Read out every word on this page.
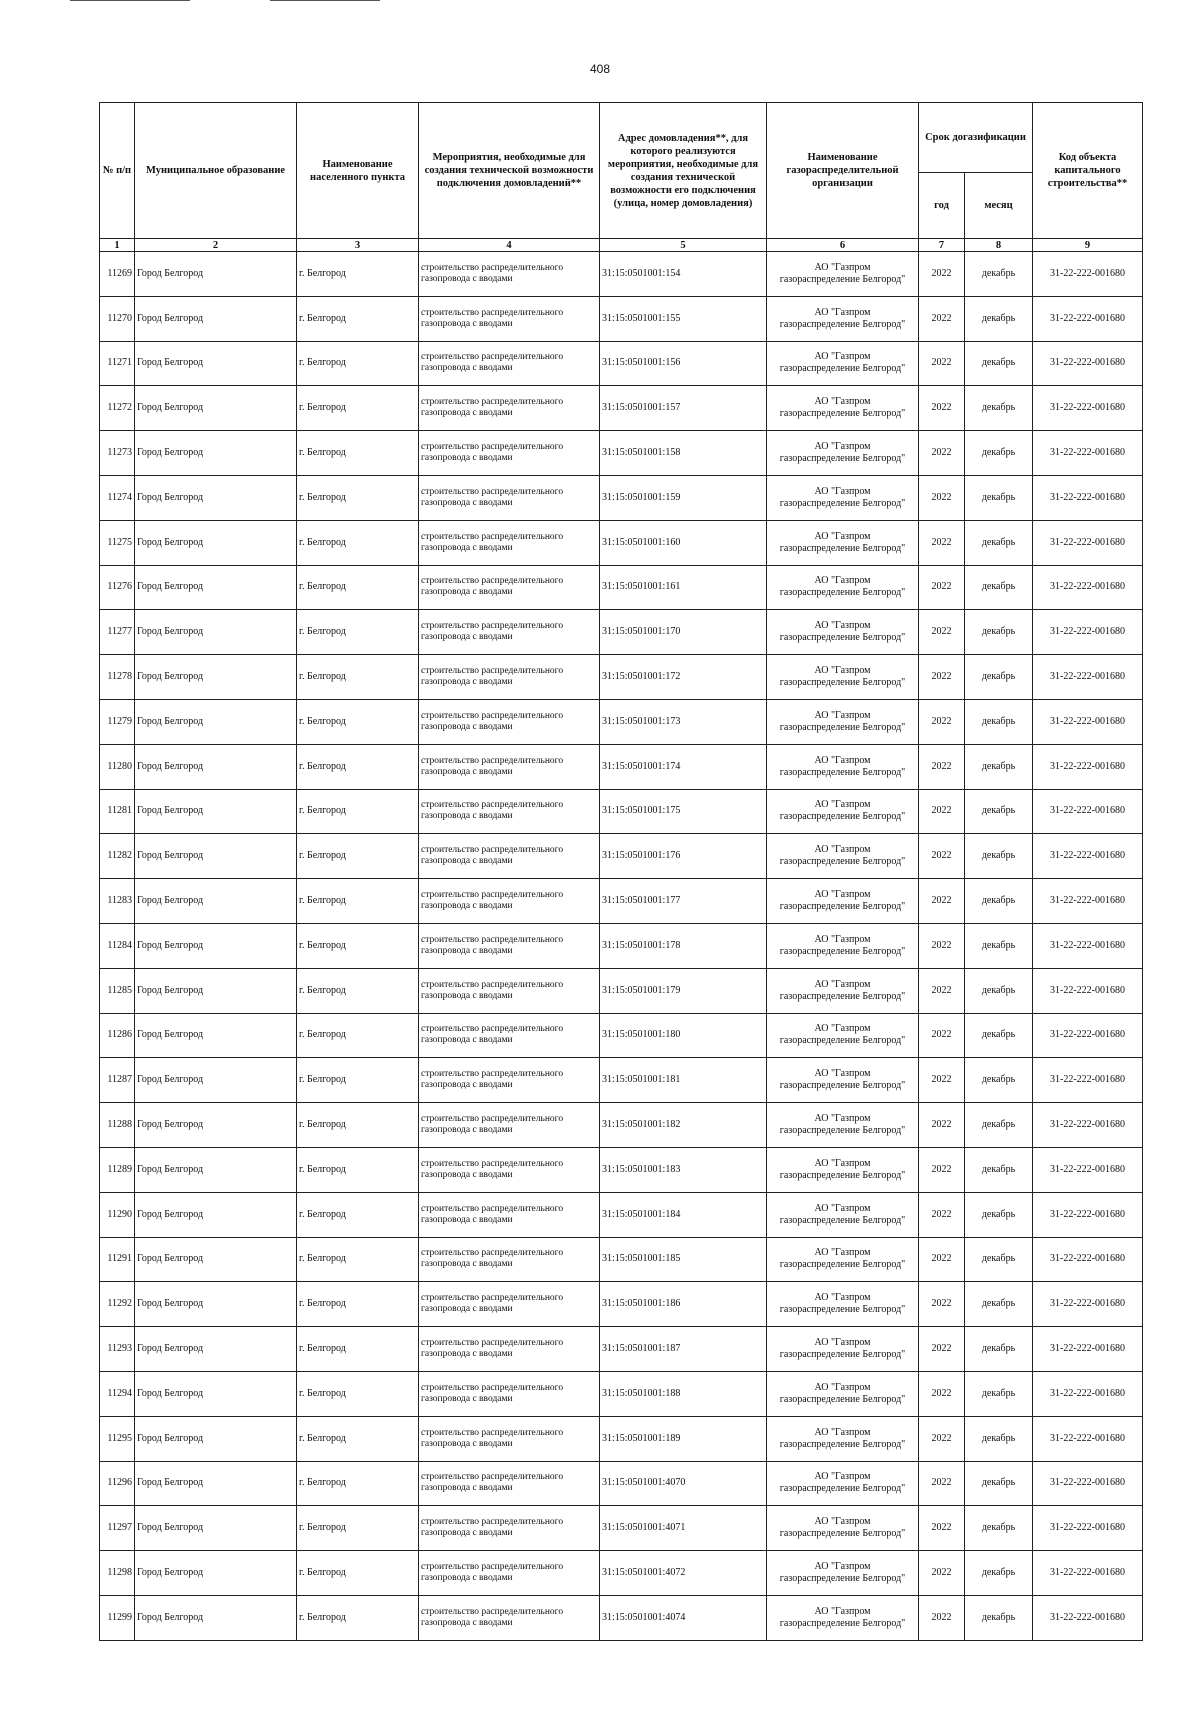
408
№ п/п	Муниципальное образование	Наименование населенного пункта	Мероприятия, необходимые для создания технической возможности подключения домовладений**	Адрес домовладения**, для которого реализуются мероприятия, необходимые для создания технической возможности его подключения (улица, номер домовладения)	Наименование газораспределительной организации	Срок догазификации		Код объекта капитального строительства**
						год	месяц	
1	2	3	4	5	6	7	8	9
11269	Город Белгород	г. Белгород	строительство распределительного газопровода с вводами	31:15:0501001:154	АО "Газпром
газораспределение Белгород"	2022	декабрь	31-22-222-001680
11270	Город Белгород	г. Белгород	строительство распределительного газопровода с вводами	31:15:0501001:155	АО "Газпром
газораспределение Белгород"	2022	декабрь	31-22-222-001680
11271	Город Белгород	г. Белгород	строительство распределительного газопровода с вводами	31:15:0501001:156	АО "Газпром
газораспределение Белгород"	2022	декабрь	31-22-222-001680
11272	Город Белгород	г. Белгород	строительство распределительного газопровода с вводами	31:15:0501001:157	АО "Газпром
газораспределение Белгород"	2022	декабрь	31-22-222-001680
11273	Город Белгород	г. Белгород	строительство распределительного газопровода с вводами	31:15:0501001:158	АО "Газпром
газораспределение Белгород"	2022	декабрь	31-22-222-001680
11274	Город Белгород	г. Белгород	строительство распределительного газопровода с вводами	31:15:0501001:159	АО "Газпром
газораспределение Белгород"	2022	декабрь	31-22-222-001680
11275	Город Белгород	г. Белгород	строительство распределительного газопровода с вводами	31:15:0501001:160	АО "Газпром
газораспределение Белгород"	2022	декабрь	31-22-222-001680
11276	Город Белгород	г. Белгород	строительство распределительного газопровода с вводами	31:15:0501001:161	АО "Газпром
газораспределение Белгород"	2022	декабрь	31-22-222-001680
11277	Город Белгород	г. Белгород	строительство распределительного газопровода с вводами	31:15:0501001:170	АО "Газпром
газораспределение Белгород"	2022	декабрь	31-22-222-001680
11278	Город Белгород	г. Белгород	строительство распределительного газопровода с вводами	31:15:0501001:172	АО "Газпром
газораспределение Белгород"	2022	декабрь	31-22-222-001680
11279	Город Белгород	г. Белгород	строительство распределительного газопровода с вводами	31:15:0501001:173	АО "Газпром
газораспределение Белгород"	2022	декабрь	31-22-222-001680
11280	Город Белгород	г. Белгород	строительство распределительного газопровода с вводами	31:15:0501001:174	АО "Газпром
газораспределение Белгород"	2022	декабрь	31-22-222-001680
11281	Город Белгород	г. Белгород	строительство распределительного газопровода с вводами	31:15:0501001:175	АО "Газпром
газораспределение Белгород"	2022	декабрь	31-22-222-001680
11282	Город Белгород	г. Белгород	строительство распределительного газопровода с вводами	31:15:0501001:176	АО "Газпром
газораспределение Белгород"	2022	декабрь	31-22-222-001680
11283	Город Белгород	г. Белгород	строительство распределительного газопровода с вводами	31:15:0501001:177	АО "Газпром
газораспределение Белгород"	2022	декабрь	31-22-222-001680
11284	Город Белгород	г. Белгород	строительство распределительного газопровода с вводами	31:15:0501001:178	АО "Газпром
газораспределение Белгород"	2022	декабрь	31-22-222-001680
11285	Город Белгород	г. Белгород	строительство распределительного газопровода с вводами	31:15:0501001:179	АО "Газпром
газораспределение Белгород"	2022	декабрь	31-22-222-001680
11286	Город Белгород	г. Белгород	строительство распределительного газопровода с вводами	31:15:0501001:180	АО "Газпром
газораспределение Белгород"	2022	декабрь	31-22-222-001680
11287	Город Белгород	г. Белгород	строительство распределительного газопровода с вводами	31:15:0501001:181	АО "Газпром
газораспределение Белгород"	2022	декабрь	31-22-222-001680
11288	Город Белгород	г. Белгород	строительство распределительного газопровода с вводами	31:15:0501001:182	АО "Газпром
газораспределение Белгород"	2022	декабрь	31-22-222-001680
11289	Город Белгород	г. Белгород	строительство распределительного газопровода с вводами	31:15:0501001:183	АО "Газпром
газораспределение Белгород"	2022	декабрь	31-22-222-001680
11290	Город Белгород	г. Белгород	строительство распределительного газопровода с вводами	31:15:0501001:184	АО "Газпром
газораспределение Белгород"	2022	декабрь	31-22-222-001680
11291	Город Белгород	г. Белгород	строительство распределительного газопровода с вводами	31:15:0501001:185	АО "Газпром
газораспределение Белгород"	2022	декабрь	31-22-222-001680
11292	Город Белгород	г. Белгород	строительство распределительного газопровода с вводами	31:15:0501001:186	АО "Газпром
газораспределение Белгород"	2022	декабрь	31-22-222-001680
11293	Город Белгород	г. Белгород	строительство распределительного газопровода с вводами	31:15:0501001:187	АО "Газпром
газораспределение Белгород"	2022	декабрь	31-22-222-001680
11294	Город Белгород	г. Белгород	строительство распределительного газопровода с вводами	31:15:0501001:188	АО "Газпром
газораспределение Белгород"	2022	декабрь	31-22-222-001680
11295	Город Белгород	г. Белгород	строительство распределительного газопровода с вводами	31:15:0501001:189	АО "Газпром
газораспределение Белгород"	2022	декабрь	31-22-222-001680
11296	Город Белгород	г. Белгород	строительство распределительного газопровода с вводами	31:15:0501001:4070	АО "Газпром
газораспределение Белгород"	2022	декабрь	31-22-222-001680
11297	Город Белгород	г. Белгород	строительство распределительного газопровода с вводами	31:15:0501001:4071	АО "Газпром
газораспределение Белгород"	2022	декабрь	31-22-222-001680
11298	Город Белгород	г. Белгород	строительство распределительного газопровода с вводами	31:15:0501001:4072	АО "Газпром
газораспределение Белгород"	2022	декабрь	31-22-222-001680
11299	Город Белгород	г. Белгород	строительство распределительного газопровода с вводами	31:15:0501001:4074	АО "Газпром
газораспределение Белгород"	2022	декабрь	31-22-222-001680
